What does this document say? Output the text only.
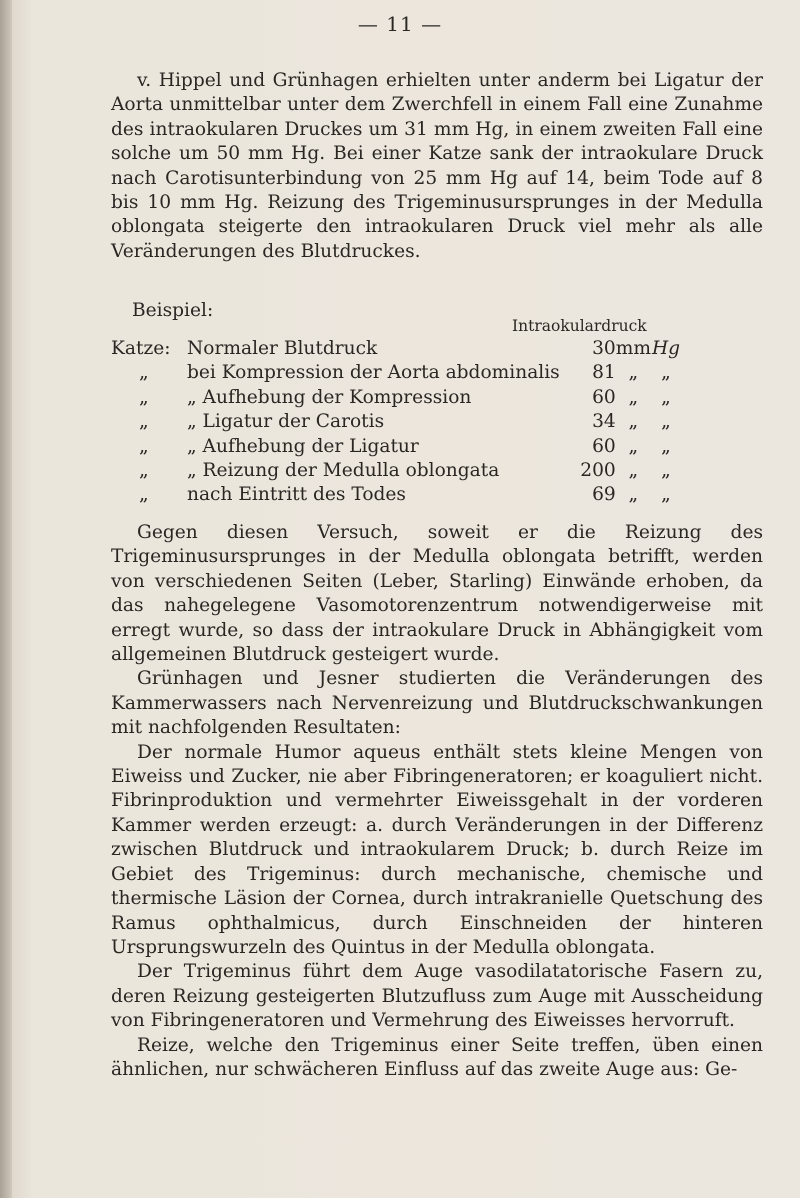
— 11 —

v. Hippel und Grünhagen erhielten unter anderm bei Ligatur der Aorta unmittelbar unter dem Zwerchfell in einem Fall eine Zunahme des intraokularen Druckes um 31 mm Hg, in einem zweiten Fall eine solche um 50 mm Hg. Bei einer Katze sank der intraokulare Druck nach Carotisunterbindung von 25 mm Hg auf 14, beim Tode auf 8 bis 10 mm Hg. Reizung des Trigeminusursprunges in der Medulla oblongata steigerte den intraokularen Druck viel mehr als alle Veränderungen des Blutdruckes.

Beispiel:
Intraokulardruck
Katze:	Normaler Blutdruck	30	mm	Hg
„	bei Kompression der Aorta abdominalis	81	„	„
„	„ Aufhebung der Kompression	60	„	„
„	„ Ligatur der Carotis	34	„	„
„	„ Aufhebung der Ligatur	60	„	„
„	„ Reizung der Medulla oblongata	200	„	„
„	nach Eintritt des Todes	69	„	„

Gegen diesen Versuch, soweit er die Reizung des Trigeminusursprunges in der Medulla oblongata betrifft, werden von verschiedenen Seiten (Leber, Starling) Einwände erhoben, da das nahegelegene Vasomotorenzentrum notwendigerweise mit erregt wurde, so dass der intraokulare Druck in Abhängigkeit vom allgemeinen Blutdruck gesteigert wurde.

Grünhagen und Jesner studierten die Veränderungen des Kammerwassers nach Nervenreizung und Blutdruckschwankungen mit nachfolgenden Resultaten:

Der normale Humor aqueus enthält stets kleine Mengen von Eiweiss und Zucker, nie aber Fibringeneratoren; er koaguliert nicht. Fibrinproduktion und vermehrter Eiweissgehalt in der vorderen Kammer werden erzeugt: a. durch Veränderungen in der Differenz zwischen Blutdruck und intraokularem Druck; b. durch Reize im Gebiet des Trigeminus: durch mechanische, chemische und thermische Läsion der Cornea, durch intrakranielle Quetschung des Ramus ophthalmicus, durch Einschneiden der hinteren Ursprungswurzeln des Quintus in der Medulla oblongata.

Der Trigeminus führt dem Auge vasodilatatorische Fasern zu, deren Reizung gesteigerten Blutzufluss zum Auge mit Ausscheidung von Fibringeneratoren und Vermehrung des Eiweisses hervorruft.

Reize, welche den Trigeminus einer Seite treffen, üben einen ähnlichen, nur schwächeren Einfluss auf das zweite Auge aus: Ge-
